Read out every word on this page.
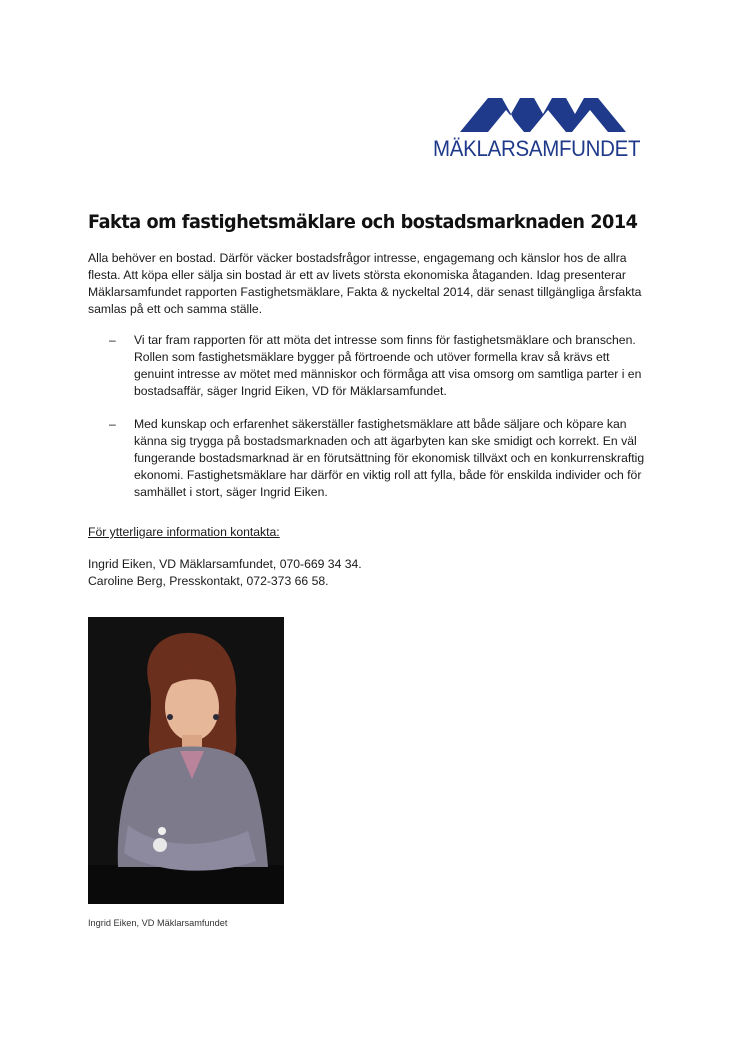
MÄKLARSAMFUNDET
Fakta om fastighetsmäklare och bostadsmarknaden 2014

Alla behöver en bostad. Därför väcker bostadsfrågor intresse, engagemang och känslor hos de allra flesta. Att köpa eller sälja sin bostad är ett av livets största ekonomiska åtaganden. Idag presenterar Mäklarsamfundet rapporten Fastighetsmäklare, Fakta & nyckeltal 2014, där senast tillgängliga årsfakta samlas på ett och samma ställe.

– Vi tar fram rapporten för att möta det intresse som finns för fastighetsmäklare och branschen. Rollen som fastighetsmäklare bygger på förtroende och utöver formella krav så krävs ett genuint intresse av mötet med människor och förmåga att visa omsorg om samtliga parter i en bostadsaffär, säger Ingrid Eiken, VD för Mäklarsamfundet.

– Med kunskap och erfarenhet säkerställer fastighetsmäklare att både säljare och köpare kan känna sig trygga på bostadsmarknaden och att ägarbyten kan ske smidigt och korrekt. En väl fungerande bostadsmarknad är en förutsättning för ekonomisk tillväxt och en konkurrenskraftig ekonomi. Fastighetsmäklare har därför en viktig roll att fylla, både för enskilda individer och för samhället i stort, säger Ingrid Eiken.

För ytterligare information kontakta:

Ingrid Eiken, VD Mäklarsamfundet, 070-669 34 34.

Caroline Berg, Presskontakt, 072-373 66 58.

Ingrid Eiken, VD Mäklarsamfundet
